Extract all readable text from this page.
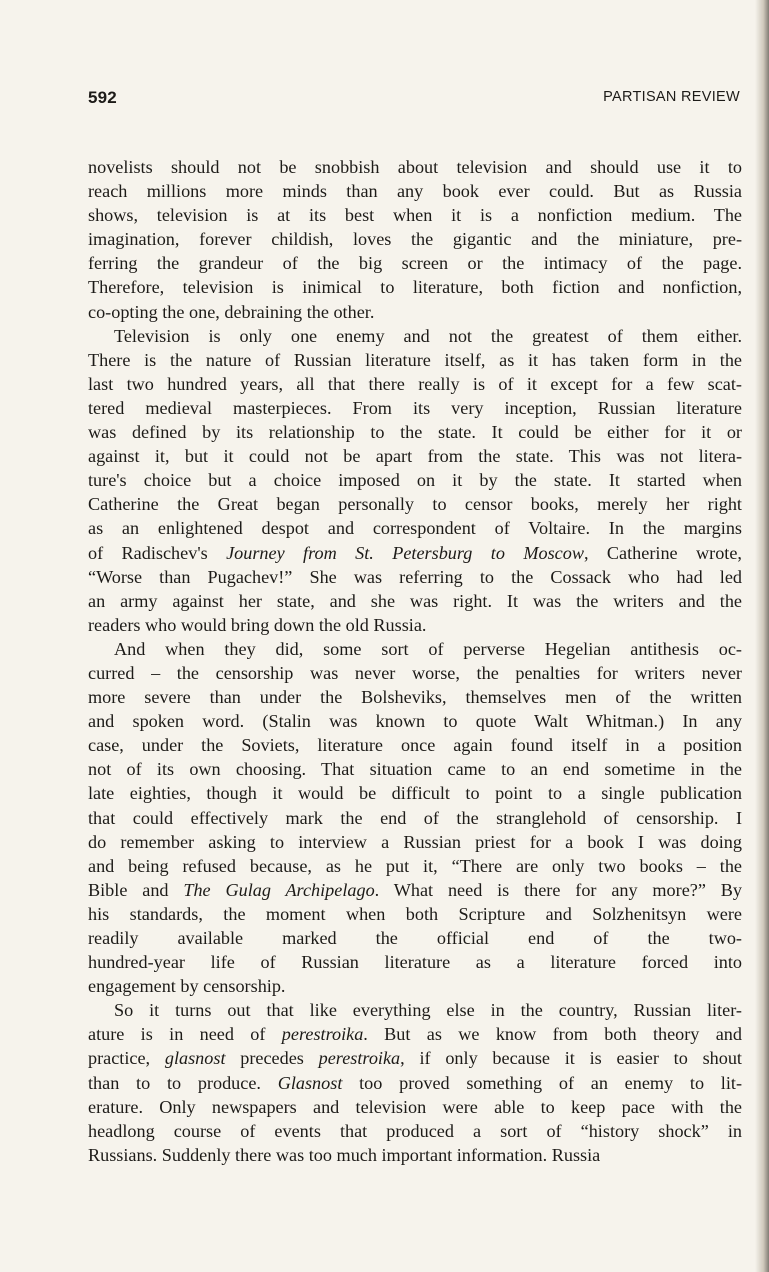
592	PARTISAN REVIEW
novelists should not be snobbish about television and should use it to
reach millions more minds than any book ever could. But as Russia
shows, television is at its best when it is a nonfiction medium. The
imagination, forever childish, loves the gigantic and the miniature, pre-
ferring the grandeur of the big screen or the intimacy of the page.
Therefore, television is inimical to literature, both fiction and nonfiction,
co-opting the one, debraining the other.
Television is only one enemy and not the greatest of them either.
There is the nature of Russian literature itself, as it has taken form in the
last two hundred years, all that there really is of it except for a few scat-
tered medieval masterpieces. From its very inception, Russian literature
was defined by its relationship to the state. It could be either for it or
against it, but it could not be apart from the state. This was not litera-
ture's choice but a choice imposed on it by the state. It started when
Catherine the Great began personally to censor books, merely her right
as an enlightened despot and correspondent of Voltaire. In the margins
of Radischev's Journey from St. Petersburg to Moscow, Catherine wrote,
“Worse than Pugachev!” She was referring to the Cossack who had led
an army against her state, and she was right. It was the writers and the
readers who would bring down the old Russia.
And when they did, some sort of perverse Hegelian antithesis oc-
curred – the censorship was never worse, the penalties for writers never
more severe than under the Bolsheviks, themselves men of the written
and spoken word. (Stalin was known to quote Walt Whitman.) In any
case, under the Soviets, literature once again found itself in a position
not of its own choosing. That situation came to an end sometime in the
late eighties, though it would be difficult to point to a single publication
that could effectively mark the end of the stranglehold of censorship. I
do remember asking to interview a Russian priest for a book I was doing
and being refused because, as he put it, “There are only two books – the
Bible and The Gulag Archipelago. What need is there for any more?” By
his standards, the moment when both Scripture and Solzhenitsyn were
readily available marked the official end of the two-
hundred-year life of Russian literature as a literature forced into
engagement by censorship.
So it turns out that like everything else in the country, Russian liter-
ature is in need of perestroika. But as we know from both theory and
practice, glasnost precedes perestroika, if only because it is easier to shout
than to to produce. Glasnost too proved something of an enemy to lit-
erature. Only newspapers and television were able to keep pace with the
headlong course of events that produced a sort of “history shock” in
Russians. Suddenly there was too much important information. Russia
